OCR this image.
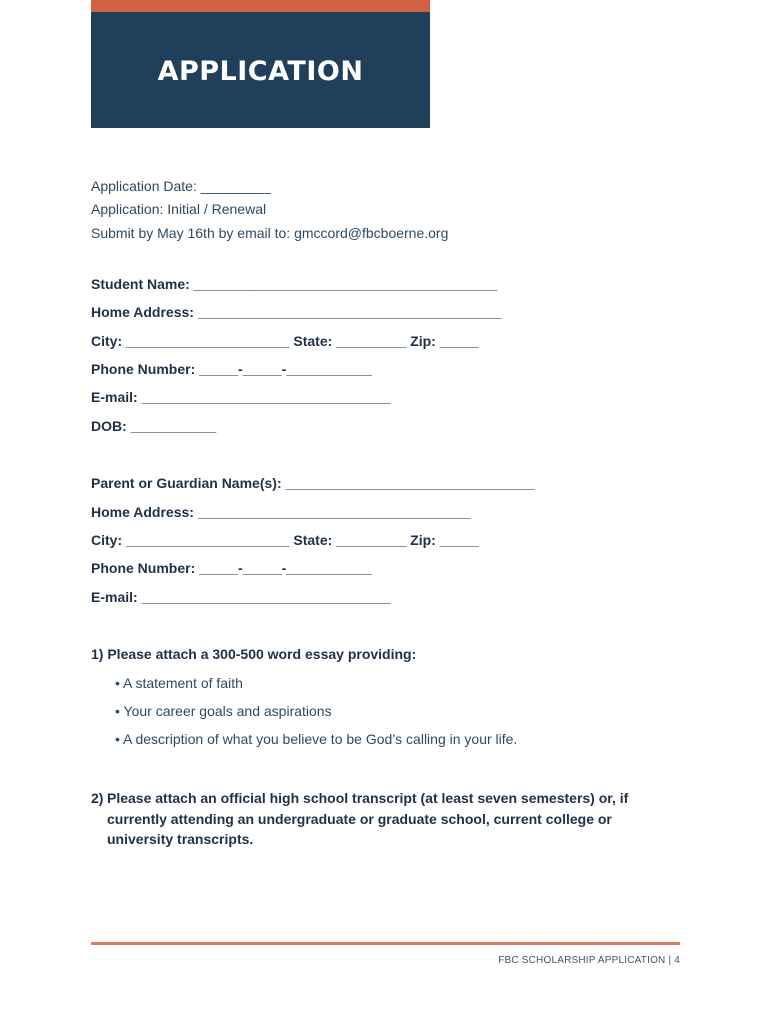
APPLICATION
Application Date: _________
Application: Initial / Renewal
Submit by May 16th by email to: gmccord@fbcboerne.org
Student Name: _______________________________________
Home Address: _______________________________________
City: _____________________ State: _________ Zip: _____
Phone Number: _____-_____-___________
E-mail: ________________________________
DOB: ___________
Parent or Guardian Name(s): ________________________________
Home Address: ___________________________________
City: _____________________ State: _________ Zip: _____
Phone Number: _____-_____-___________
E-mail: ________________________________
1) Please attach a 300-500 word essay providing:
• A statement of faith
• Your career goals and aspirations
• A description of what you believe to be God’s calling in your life.
2) Please attach an official high school transcript (at least seven semesters) or, if currently attending an undergraduate or graduate school, current college or university transcripts.
FBC SCHOLARSHIP APPLICATION | 4
